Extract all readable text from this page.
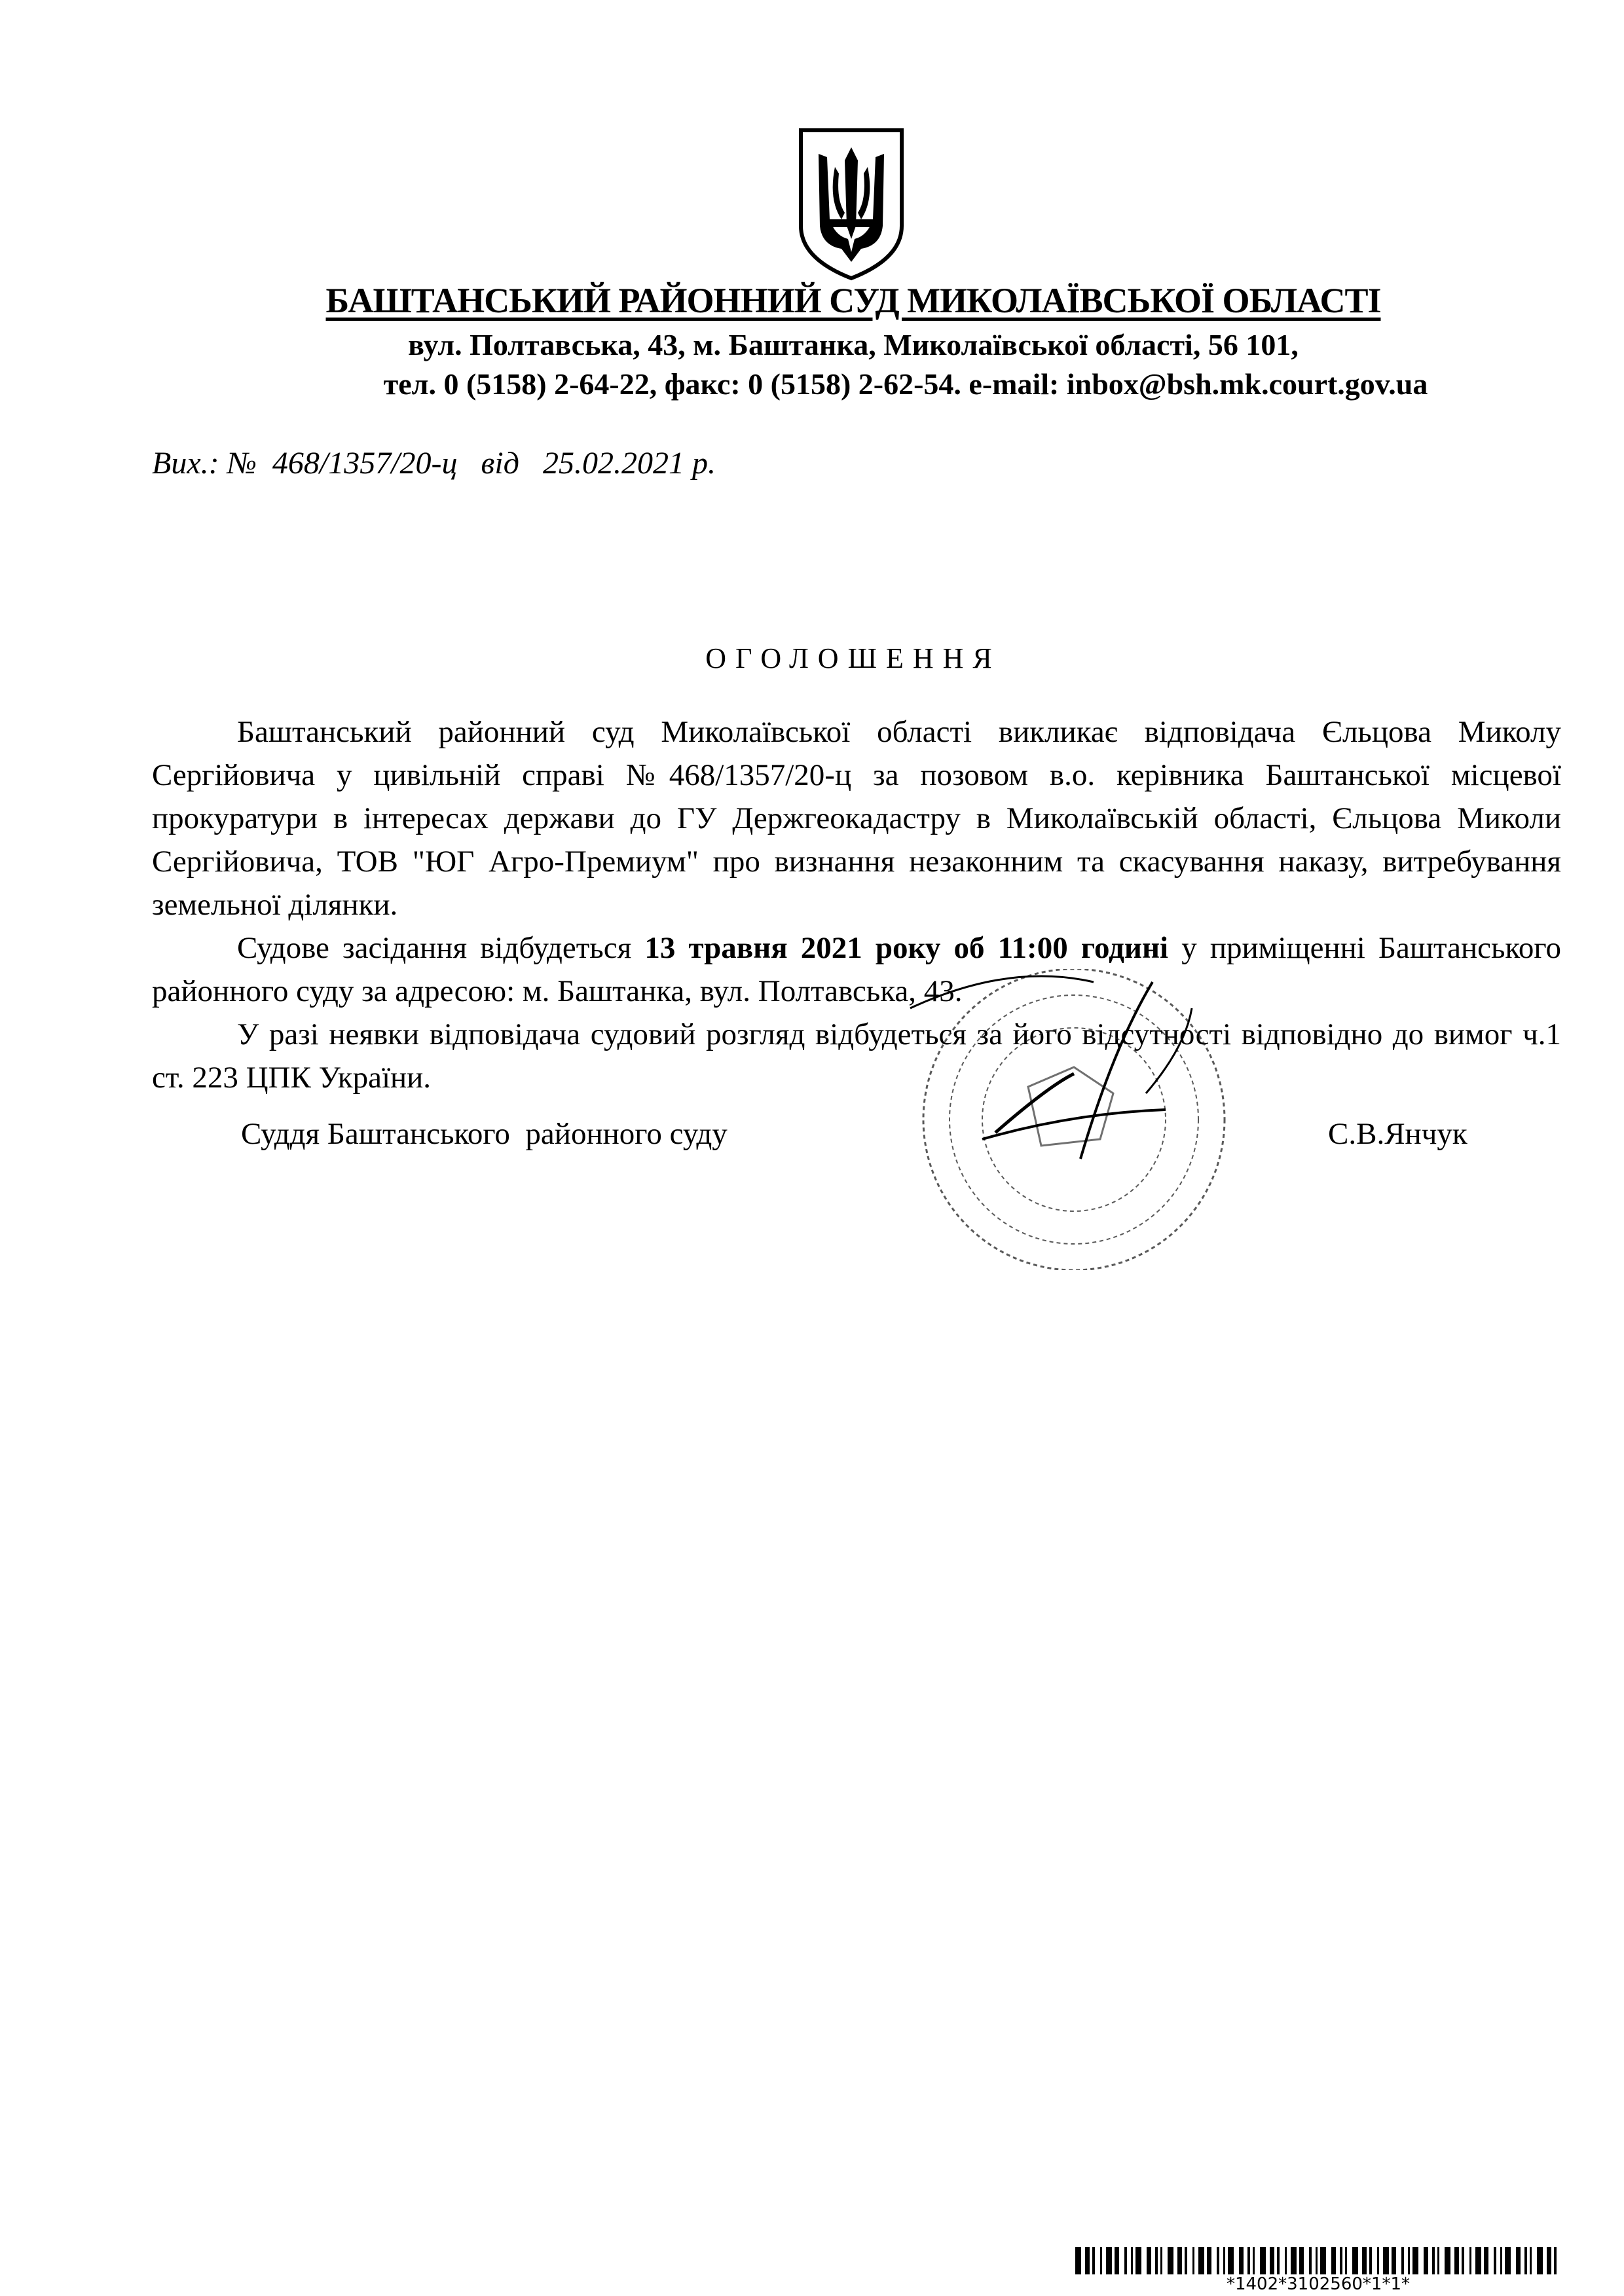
БАШТАНСЬКИЙ РАЙОННИЙ СУД МИКОЛАЇВСЬКОЇ ОБЛАСТІ
вул. Полтавська, 43, м. Баштанка, Миколаївської області, 56 101,
тел. 0 (5158) 2-64-22, факс: 0 (5158) 2-62-54. e-mail: inbox@bsh.mk.court.gov.ua
Вих.: № 468/1357/20-ц від 25.02.2021 р.
ОГОЛОШЕННЯ

Баштанський районний суд Миколаївської області викликає відповідача Єльцова Миколу Сергійовича у цивільній справі №468/1357/20-ц за позовом в.о. керівника Баштанської місцевої прокуратури в інтересах держави до ГУ Держгеокадастру в Миколаївській області, Єльцова Миколи Сергійовича, ТОВ "ЮГ Агро-Премиум" про визнання незаконним та скасування наказу, витребування земельної ділянки.

Судове засідання відбудеться 13 травня 2021 року об 11:00 годині у приміщенні Баштанського районного суду за адресою: м. Баштанка, вул. Полтавська, 43.

У разі неявки відповідача судовий розгляд відбудеться за його відсутності відповідно до вимог ч.1 ст. 223 ЦПК України.

Суддя Баштанського  районного суду	С.В.Янчук
*1402*3102560*1*1*
